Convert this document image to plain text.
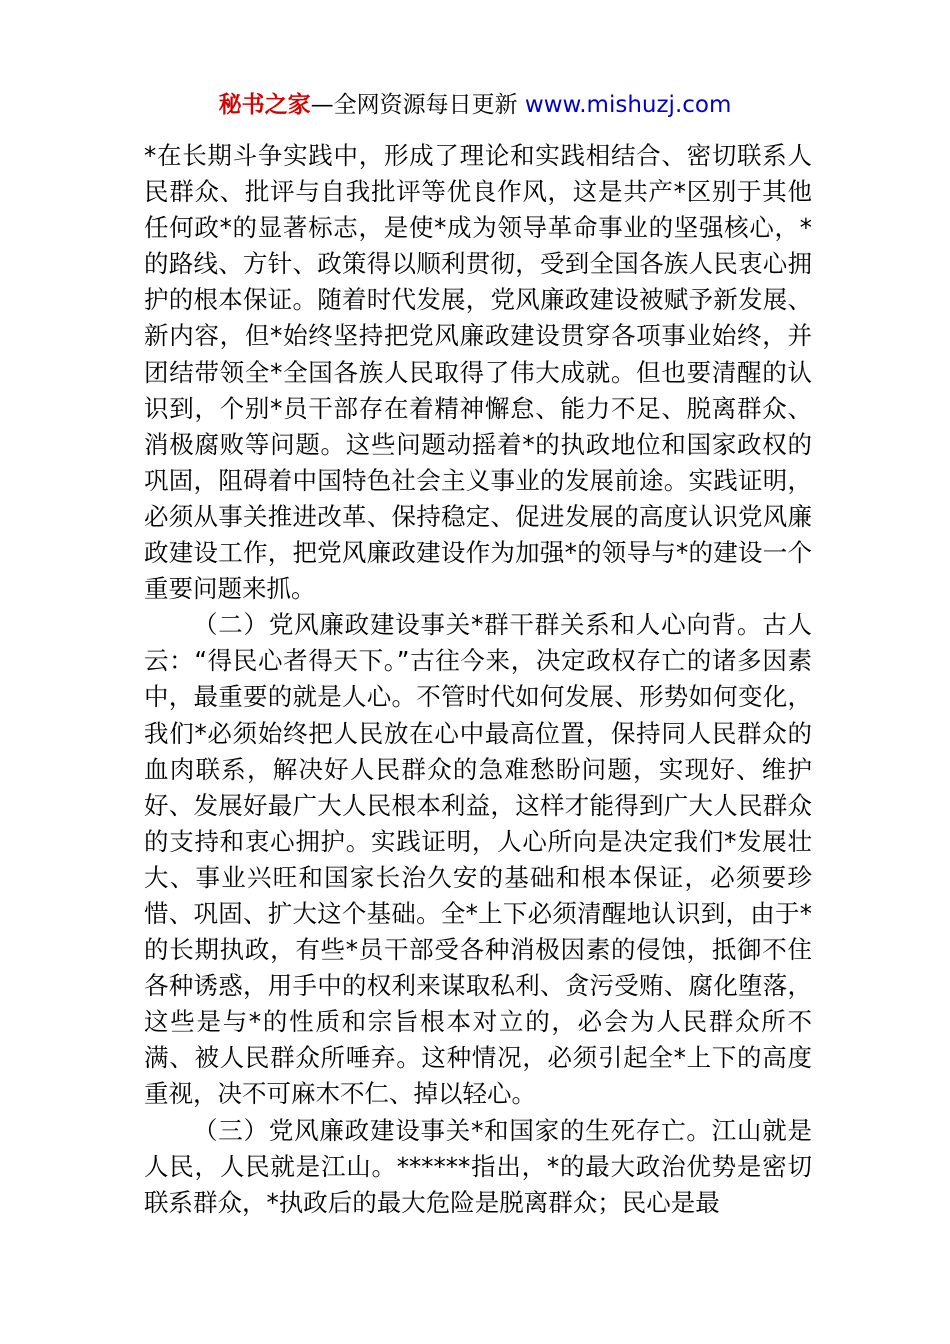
秘书之家—全网资源每日更新 www.mishuzj.com

*在长期斗争实践中，形成了理论和实践相结合、密切联系人民群众、批评与自我批评等优良作风，这是共产*区别于其他任何政*的显著标志，是使*成为领导革命事业的坚强核心，*的路线、方针、政策得以顺利贯彻，受到全国各族人民衷心拥护的根本保证。随着时代发展，党风廉政建设被赋予新发展、新内容，但*始终坚持把党风廉政建设贯穿各项事业始终，并团结带领全*全国各族人民取得了伟大成就。但也要清醒的认识到，个别*员干部存在着精神懈怠、能力不足、脱离群众、消极腐败等问题。这些问题动摇着*的执政地位和国家政权的巩固，阻碍着中国特色社会主义事业的发展前途。实践证明，必须从事关推进改革、保持稳定、促进发展的高度认识党风廉政建设工作，把党风廉政建设作为加强*的领导与*的建设一个重要问题来抓。

（二）党风廉政建设事关*群干群关系和人心向背。古人云：“得民心者得天下。”古往今来，决定政权存亡的诸多因素中，最重要的就是人心。不管时代如何发展、形势如何变化，我们*必须始终把人民放在心中最高位置，保持同人民群众的血肉联系，解决好人民群众的急难愁盼问题，实现好、维护好、发展好最广大人民根本利益，这样才能得到广大人民群众的支持和衷心拥护。实践证明，人心所向是决定我们*发展壮大、事业兴旺和国家长治久安的基础和根本保证，必须要珍惜、巩固、扩大这个基础。全*上下必须清醒地认识到，由于*的长期执政，有些*员干部受各种消极因素的侵蚀，抵御不住各种诱惑，用手中的权利来谋取私利、贪污受贿、腐化堕落，这些是与*的性质和宗旨根本对立的，必会为人民群众所不满、被人民群众所唾弃。这种情况，必须引起全*上下的高度重视，决不可麻木不仁、掉以轻心。

（三）党风廉政建设事关*和国家的生死存亡。江山就是人民，人民就是江山。******指出，*的最大政治优势是密切联系群众，*执政后的最大危险是脱离群众；民心是最
